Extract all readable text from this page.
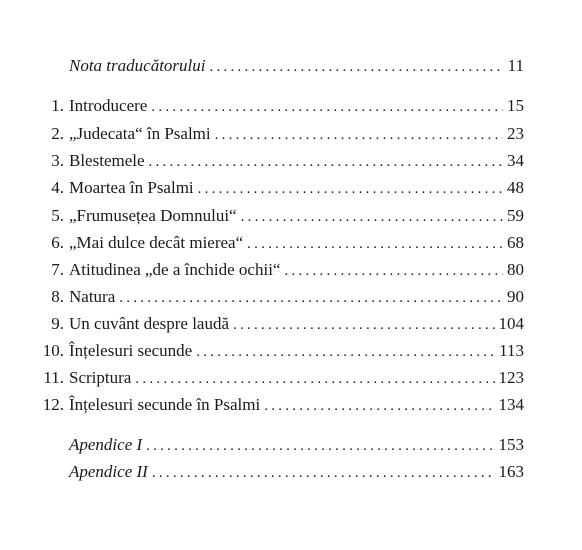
Nota traducătorului . . .	11
1. Introducere . . .	15
2. „Judecata“ în Psalmi . . .	23
3. Blestemele . . .	34
4. Moartea în Psalmi . . .	48
5. „Frumusețea Domnului“ . . .	59
6. „Mai dulce decât mierea“ . . .	68
7. Atitudinea „de a închide ochii“ . . .	80
8. Natura . . .	90
9. Un cuvânt despre laudă . . .	104
10. Înțelesuri secunde . . .	113
11. Scriptura . . .	123
12. Înțelesuri secunde în Psalmi . . .	134
Apendice I . . .	153
Apendice II . . .	163
